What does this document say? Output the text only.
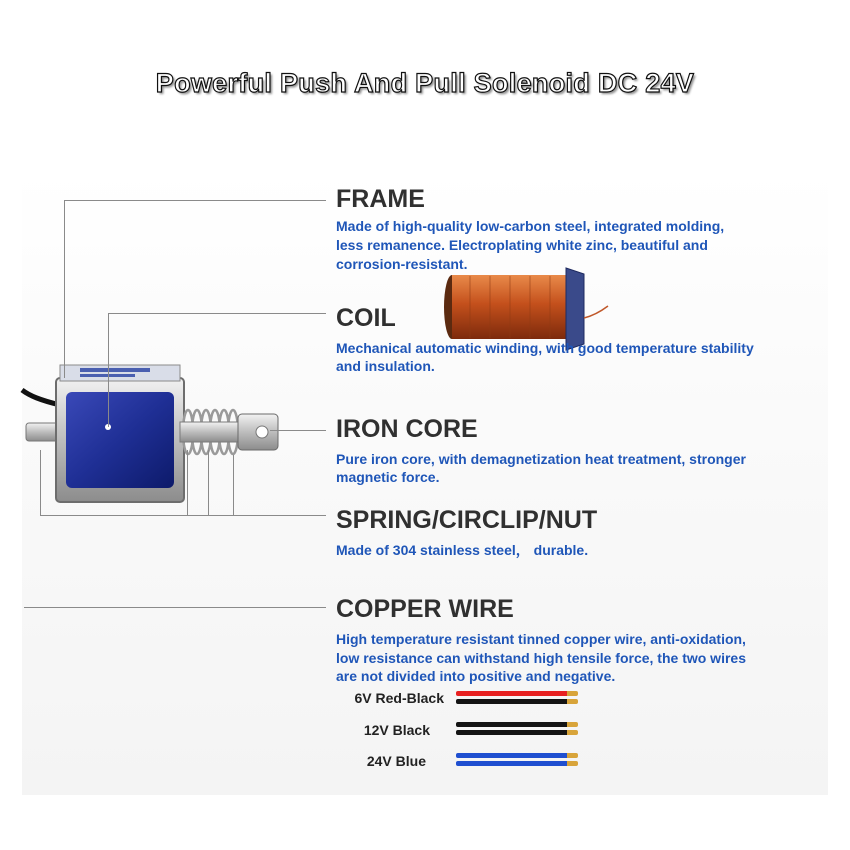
Powerful Push And Pull Solenoid DC 24V
FRAME
Made of high-quality low-carbon steel, integrated molding,
less remanence. Electroplating white zinc, beautiful and
corrosion-resistant.
COIL
Mechanical automatic winding, with good temperature stability
and insulation.
IRON CORE
Pure iron core, with demagnetization heat treatment, stronger
magnetic force.
SPRING/CIRCLIP/NUT
Made of 304 stainless steel， durable.
COPPER WIRE
High temperature resistant tinned copper wire, anti-oxidation,
low resistance can withstand high tensile force, the two wires
are not divided into positive and negative.
6V Red-Black
12V Black
24V Blue
